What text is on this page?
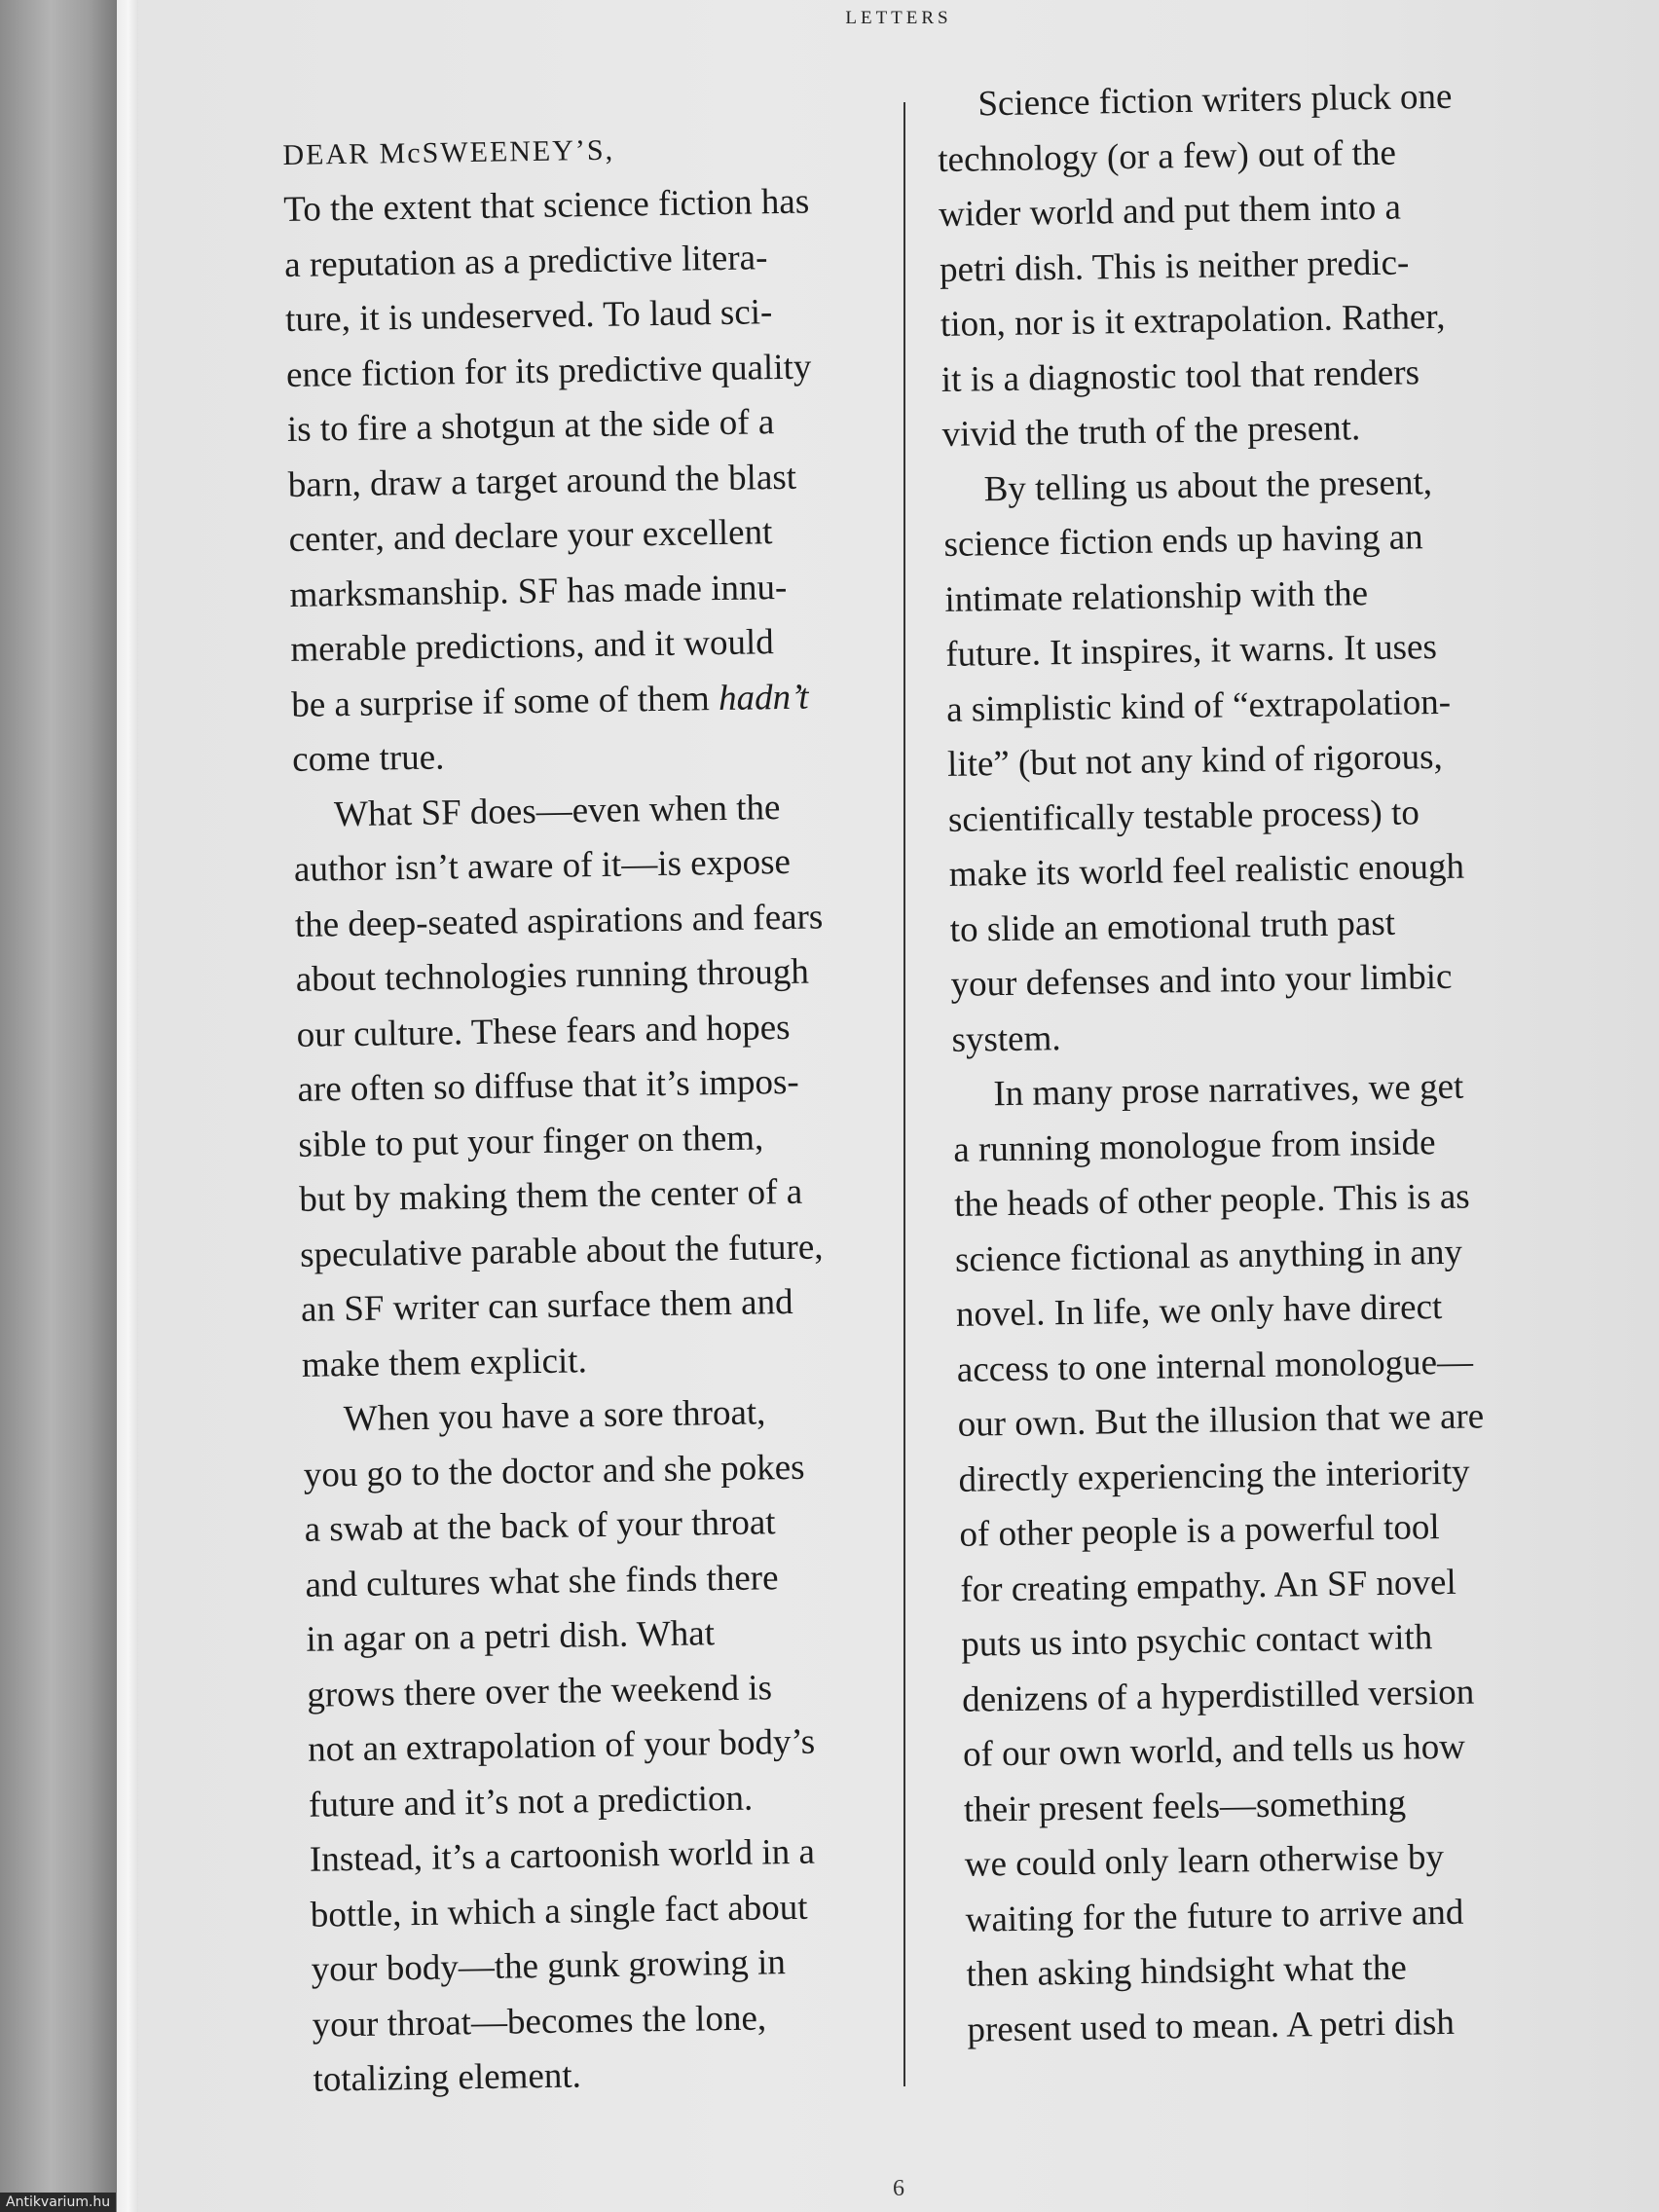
LETTERS
DEAR McSWEENEY’S,
To the extent that science fiction has
a reputation as a predictive litera-
ture, it is undeserved. To laud sci-
ence fiction for its predictive quality
is to fire a shotgun at the side of a
barn, draw a target around the blast
center, and declare your excellent
marksmanship. SF has made innu-
merable predictions, and it would
be a surprise if some of them hadn’t
come true.
What SF does—even when the
author isn’t aware of it—is expose
the deep-seated aspirations and fears
about technologies running through
our culture. These fears and hopes
are often so diffuse that it’s impos-
sible to put your finger on them,
but by making them the center of a
speculative parable about the future,
an SF writer can surface them and
make them explicit.
When you have a sore throat,
you go to the doctor and she pokes
a swab at the back of your throat
and cultures what she finds there
in agar on a petri dish. What
grows there over the weekend is
not an extrapolation of your body’s
future and it’s not a prediction.
Instead, it’s a cartoonish world in a
bottle, in which a single fact about
your body—the gunk growing in
your throat—becomes the lone,
totalizing element.
Science fiction writers pluck one
technology (or a few) out of the
wider world and put them into a
petri dish. This is neither predic-
tion, nor is it extrapolation. Rather,
it is a diagnostic tool that renders
vivid the truth of the present.
By telling us about the present,
science fiction ends up having an
intimate relationship with the
future. It inspires, it warns. It uses
a simplistic kind of “extrapolation-
lite” (but not any kind of rigorous,
scientifically testable process) to
make its world feel realistic enough
to slide an emotional truth past
your defenses and into your limbic
system.
In many prose narratives, we get
a running monologue from inside
the heads of other people. This is as
science fictional as anything in any
novel. In life, we only have direct
access to one internal monologue—
our own. But the illusion that we are
directly experiencing the interiority
of other people is a powerful tool
for creating empathy. An SF novel
puts us into psychic contact with
denizens of a hyperdistilled version
of our own world, and tells us how
their present feels—something
we could only learn otherwise by
waiting for the future to arrive and
then asking hindsight what the
present used to mean. A petri dish
6
Antikvarium.hu
